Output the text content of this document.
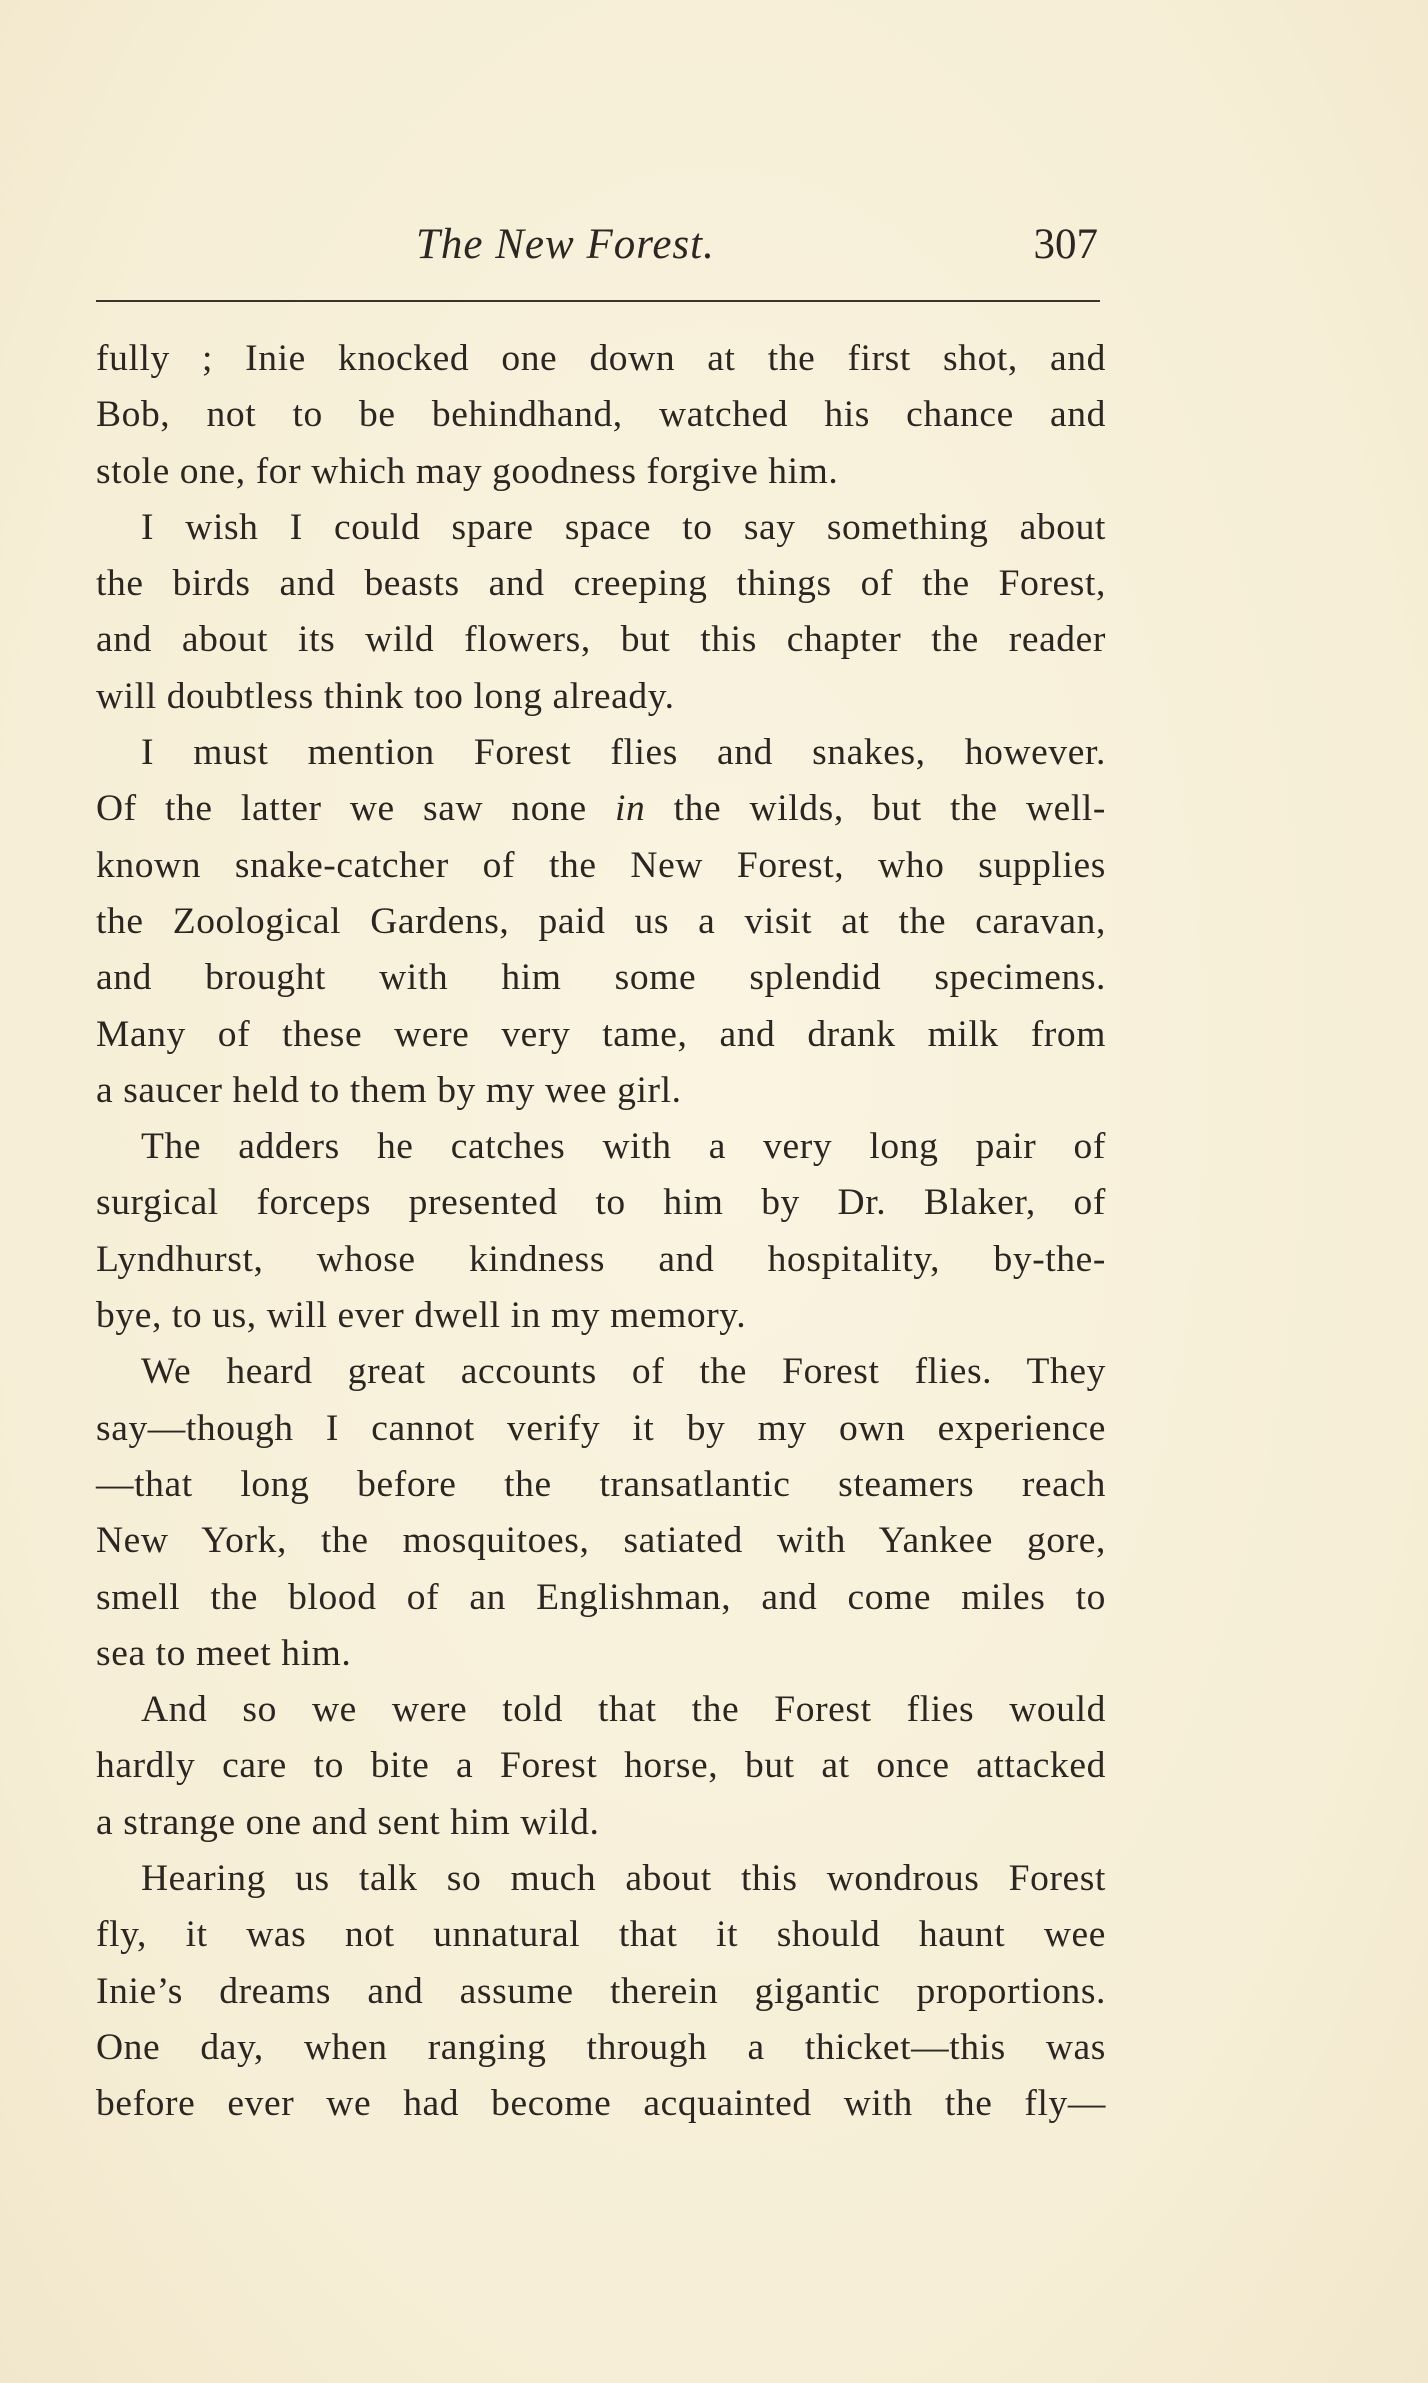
The New Forest.	307
fully ; Inie knocked one down at the first shot, and
Bob, not to be behindhand, watched his chance and
stole one, for which may goodness forgive him.
I wish I could spare space to say something about
the birds and beasts and creeping things of the Forest,
and about its wild flowers, but this chapter the reader
will doubtless think too long already.
I must mention Forest flies and snakes, however.
Of the latter we saw none in the wilds, but the well-
known snake-catcher of the New Forest, who supplies
the Zoological Gardens, paid us a visit at the caravan,
and brought with him some splendid specimens.
Many of these were very tame, and drank milk from
a saucer held to them by my wee girl.
The adders he catches with a very long pair of
surgical forceps presented to him by Dr. Blaker, of
Lyndhurst, whose kindness and hospitality, by-the-
bye, to us, will ever dwell in my memory.
We heard great accounts of the Forest flies. They
say—though I cannot verify it by my own experience
—that long before the transatlantic steamers reach
New York, the mosquitoes, satiated with Yankee gore,
smell the blood of an Englishman, and come miles to
sea to meet him.
And so we were told that the Forest flies would
hardly care to bite a Forest horse, but at once attacked
a strange one and sent him wild.
Hearing us talk so much about this wondrous Forest
fly, it was not unnatural that it should haunt wee
Inie’s dreams and assume therein gigantic proportions.
One day, when ranging through a thicket—this was
before ever we had become acquainted with the fly—
